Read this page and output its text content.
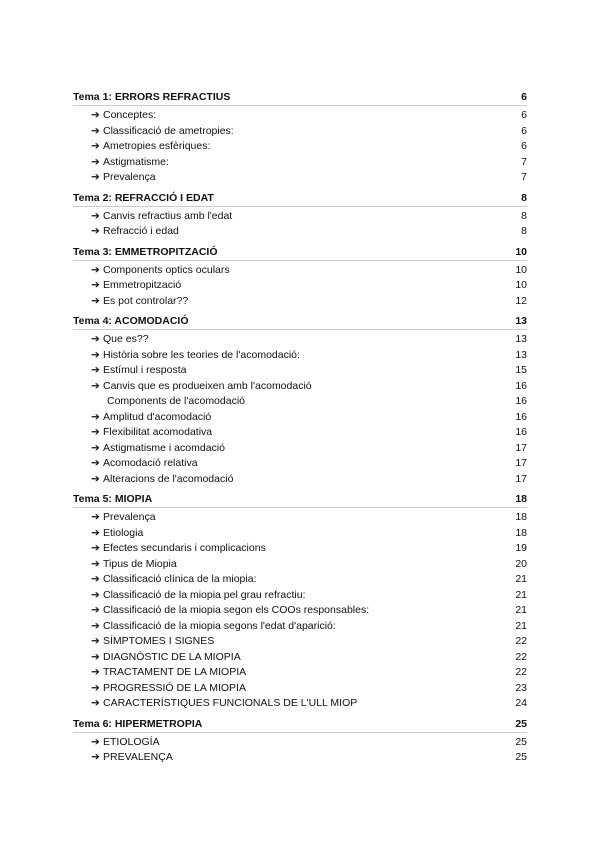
Tema 1: ERRORS REFRACTIUS	6
➔ Conceptes:	6
➔ Classificació de ametropies:	6
➔ Ametropies esfèriques:	6
➔ Astigmatisme:	7
➔ Prevalença	7
Tema 2: REFRACCIÓ I EDAT	8
➔ Canvis refractius amb l'edat	8
➔ Refracció i edad	8
Tema 3: EMMETROPITZACIÓ	10
➔ Components optics oculars	10
➔ Emmetropització	10
➔ Es pot controlar??	12
Tema 4: ACOMODACIÓ	13
➔ Que es??	13
➔ Història sobre les teories de l'acomodació:	13
➔ Estímul i resposta	15
➔ Canvis que es produeixen amb l'acomodació	16
Components de l'acomodació	16
➔ Amplitud d'acomodació	16
➔ Flexibilitat acomodativa	16
➔ Astigmatisme i acomdació	17
➔ Acomodació relativa	17
➔ Alteracions de l'acomodació	17
Tema 5: MIOPIA	18
➔ Prevalença	18
➔ Etiologia	18
➔ Efectes secundaris i complicacions	19
➔ Tipus de Miopia	20
➔ Classificació clínica de la miopia:	21
➔ Classificació de la miopia pel grau refractiu:	21
➔ Classificació de la miopia segon els COOs responsables:	21
➔ Classificació de la miopia segons l'edat d'aparició:	21
➔ SÍMPTOMES I SIGNES	22
➔ DIAGNÒSTIC DE LA MIOPIA	22
➔ TRACTAMENT DE LA MIOPIA	22
➔ PROGRESSIÓ DE LA MIOPIA	23
➔ CARACTERÍSTIQUES FUNCIONALS DE L'ULL MIOP	24
Tema 6: HIPERMETROPIA	25
➔ ETIOLOGÍA	25
➔ PREVALENÇA	25
